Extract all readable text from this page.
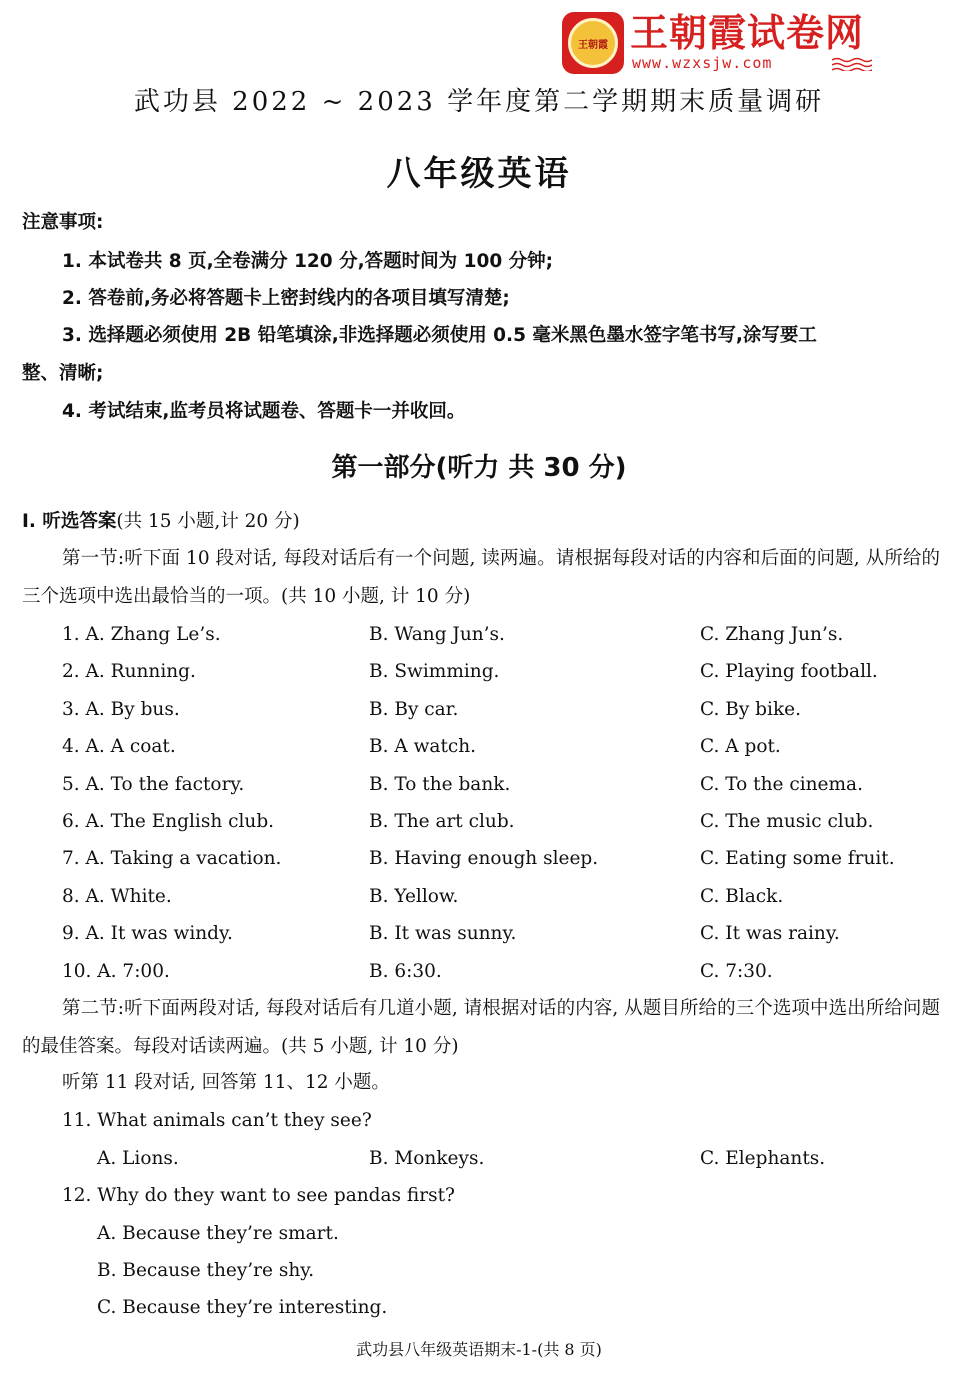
王朝霞 王朝霞试卷网
www.wzxsjw.com
武功县 2022 ~ 2023 学年度第二学期期末质量调研
八年级英语
注意事项:
1. 本试卷共 8 页,全卷满分 120 分,答题时间为 100 分钟;
2. 答卷前,务必将答题卡上密封线内的各项目填写清楚;
3. 选择题必须使用 2B 铅笔填涂,非选择题必须使用 0.5 毫米黑色墨水签字笔书写,涂写要工
整、清晰;
4. 考试结束,监考员将试题卷、答题卡一并收回。
第一部分(听力 共 30 分)
Ⅰ. 听选答案(共 15 小题,计 20 分)
第一节:听下面 10 段对话, 每段对话后有一个问题, 读两遍。请根据每段对话的内容和后面的问题, 从所给的三个选项中选出最恰当的一项。(共 10 小题, 计 10 分)
1. A. Zhang Le’s.	B. Wang Jun’s.	C. Zhang Jun’s.
2. A. Running.	B. Swimming.	C. Playing football.
3. A. By bus.	B. By car.	C. By bike.
4. A. A coat.	B. A watch.	C. A pot.
5. A. To the factory.	B. To the bank.	C. To the cinema.
6. A. The English club.	B. The art club.	C. The music club.
7. A. Taking a vacation.	B. Having enough sleep.	C. Eating some fruit.
8. A. White.	B. Yellow.	C. Black.
9. A. It was windy.	B. It was sunny.	C. It was rainy.
10. A. 7:00.	B. 6:30.	C. 7:30.
第二节:听下面两段对话, 每段对话后有几道小题, 请根据对话的内容, 从题目所给的三个选项中选出所给问题的最佳答案。每段对话读两遍。(共 5 小题, 计 10 分)
听第 11 段对话, 回答第 11、12 小题。
11. What animals can’t they see?
A. Lions.	B. Monkeys.	C. Elephants.
12. Why do they want to see pandas first?
A. Because they’re smart.
B. Because they’re shy.
C. Because they’re interesting.
武功县八年级英语期末-1-(共 8 页)
